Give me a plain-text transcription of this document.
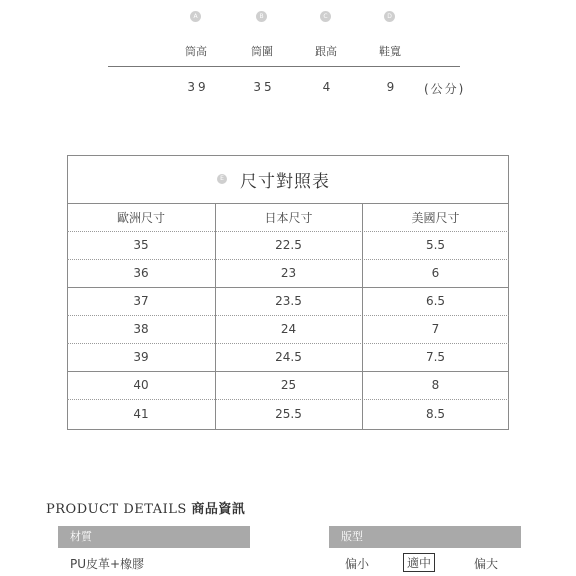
A	B	C	D
筒高	筒圍	跟高	鞋寬
39	35	4	9	(公分)
E 尺寸對照表
歐洲尺寸	日本尺寸	美國尺寸
35	22.5	5.5
36	23	6
37	23.5	6.5
38	24	7
39	24.5	7.5
40	25	8
41	25.5	8.5
PRODUCT DETAILS 商品資訊
材質
PU皮革+橡膠
版型
偏小	適中	偏大
